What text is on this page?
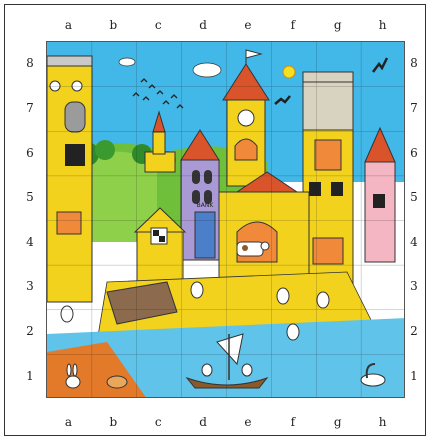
BANK
a
a
b
b
c
c
d
d
e
e
f
f
g
g
h
h
8	8
7	7
6	6
5	5
4	4
3	3
2	2
1	1
